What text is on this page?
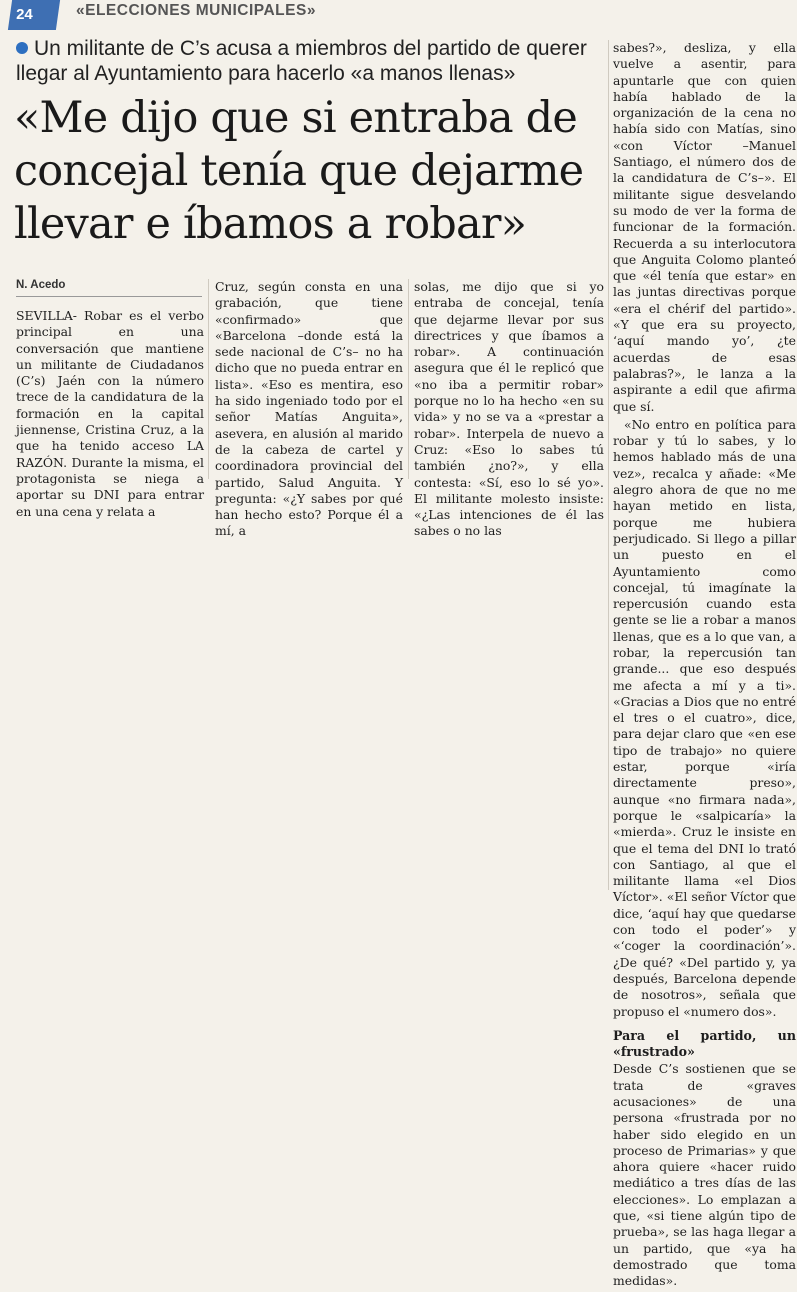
24	«ELECCIONES MUNICIPALES»
Un militante de C’s acusa a miembros del partido de querer llegar al Ayuntamiento para hacerlo «a manos llenas»
«Me dijo que si entraba de concejal tenía que dejarme llevar e íbamos a robar»
N. Acedo

SEVILLA- Robar es el verbo principal en una conversación que mantiene un militante de Ciudadanos (C’s) Jaén con la número trece de la candidatura de la formación en la capital jiennense, Cristina Cruz, a la que ha tenido acceso LA RAZÓN. Durante la misma, el protagonista se niega a aportar su DNI para entrar en una cena y relata a

Cruz, según consta en una grabación, que tiene «confirmado» que «Barcelona –donde está la sede nacional de C’s– no ha dicho que no pueda entrar en lista». «Eso es mentira, eso ha sido ingeniado todo por el señor Matías Anguita», asevera, en alusión al marido de la cabeza de cartel y coordinadora provincial del partido, Salud Anguita. Y pregunta: «¿Y sabes por qué han hecho esto? Porque él a mí, a

solas, me dijo que si yo entraba de concejal, tenía que dejarme llevar por sus directrices y que íbamos a robar». A continuación asegura que él le replicó que «no iba a permitir robar» porque no lo ha hecho «en su vida» y no se va a «prestar a robar». Interpela de nuevo a Cruz: «Eso lo sabes tú también ¿no?», y ella contesta: «Sí, eso lo sé yo». El militante molesto insiste: «¿Las intenciones de él las sabes o no las

sabes?», desliza, y ella vuelve a asentir, para apuntarle que con quien había hablado de la organización de la cena no había sido con Matías, sino «con Víctor –Manuel Santiago, el número dos de la candidatura de C’s–». El militante sigue desvelando su modo de ver la forma de funcionar de la formación. Recuerda a su interlocutora que Anguita Colomo planteó que «él tenía que estar» en las juntas directivas porque «era el chérif del partido». «Y que era su proyecto, ‘aquí mando yo’, ¿te acuerdas de esas palabras?», le lanza a la aspirante a edil que afirma que sí.

«No entro en política para robar y tú lo sabes, y lo hemos hablado más de una vez», recalca y añade: «Me alegro ahora de que no me hayan metido en lista, porque me hubiera perjudicado. Si llego a pillar un puesto en el Ayuntamiento como concejal, tú imagínate la repercusión cuando esta gente se lie a robar a manos llenas, que es a lo que van, a robar, la repercusión tan grande... que eso después me afecta a mí y a ti». «Gracias a Dios que no entré el tres o el cuatro», dice, para dejar claro que «en ese tipo de trabajo» no quiere estar, porque «iría directamente preso», aunque «no firmara nada», porque le «salpicaría» la «mierda». Cruz le insiste en que el tema del DNI lo trató con Santiago, al que el militante llama «el Dios Víctor». «El señor Víctor que dice, ‘aquí hay que quedarse con todo el poder’» y «‘coger la coordinación’». ¿De qué? «Del partido y, ya después, Barcelona depende de nosotros», señala que propuso el «numero dos».

Para el partido, un «frustrado»

Desde C’s sostienen que se trata de «graves acusaciones» de una persona «frustrada por no haber sido elegido en un proceso de Primarias» y que ahora quiere «hacer ruido mediático a tres días de las elecciones». Lo emplazan a que, «si tiene algún tipo de prueba», se las haga llegar a un partido, que «ya ha demostrado que toma medidas».
